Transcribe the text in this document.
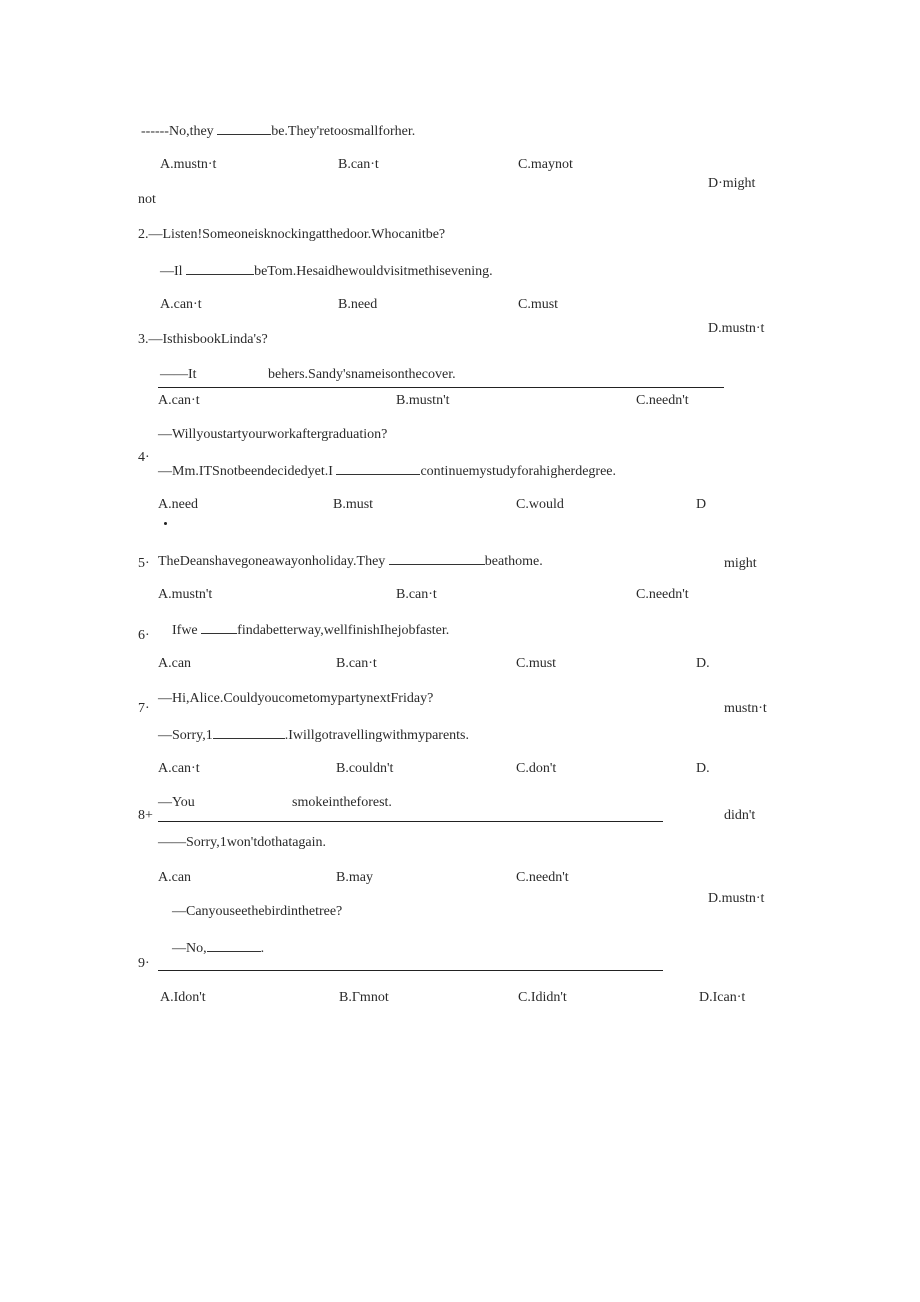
------No,they	be.They'retoosmallforher.
A.mustn·t	B.can·t	C.maynot
D·might
not
2.—Listen!Someoneisknockingatthedoor.Whocanitbe?
—Il	beTom.Hesaidhewouldvisitmethisevening.
A.can·t	B.need	C.must
D.mustn·t
3.—IsthisbookLinda's?
——It	behers.Sandy'snameisonthecover.
A.can·t	B.mustn't	C.needn't
—Willyoustartyourworkaftergraduation?
4·
—Mm.ITSnotbeendecidedyet.I	continuemystudyforahigherdegree.
A.need	B.must	C.would	D
might
5· TheDeanshavegoneawayonholiday.They	beathome.
A.mustn't	B.can·t	C.needn't
6· Ifwe	findabetterway,wellfinishIhejobfaster.
A.can	B.can·t	C.must	D.
mustn·t
—Hi,Alice.CouldyoucometomypartynextFriday?
7·
—Sorry,1	.Iwillgotravellingwithmyparents.
A.can·t	B.couldn't	C.don't	D.
didn't
—You	smokeintheforest.
8+
——Sorry,1won'tdothatagain.
A.can	B.may	C.needn't
D.mustn·t
—Canyouseethebirdinthetree?
—No,	.
9·
A.Idon't	B.Γmnot	C.Ididn't	D.Ican·t
